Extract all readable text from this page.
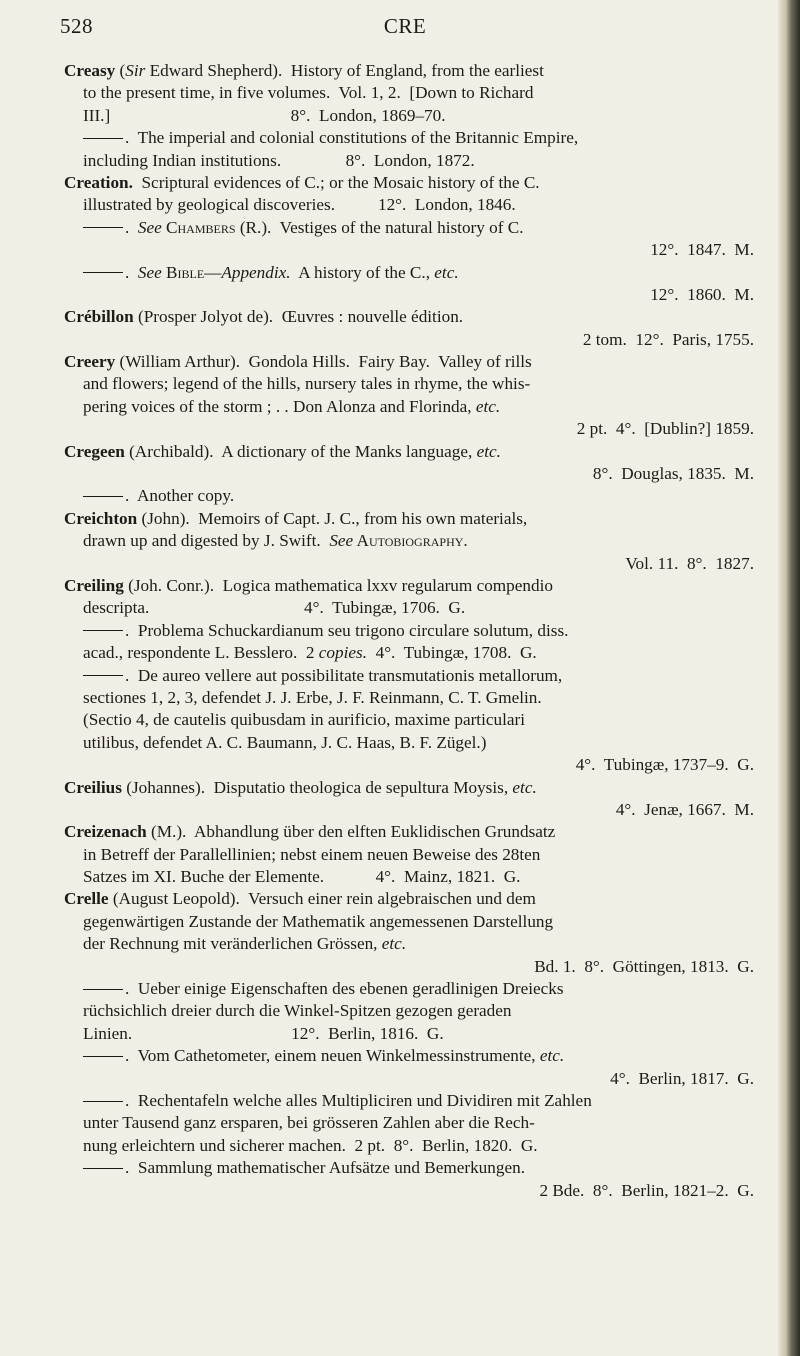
528	CRE
Creasy (Sir Edward Shepherd).  History of England, from the earliest
to the present time, in five volumes.  Vol. 1, 2.  [Down to Richard
III.]                                          8°.  London, 1869–70.
.  The imperial and colonial constitutions of the Britannic Empire,
including Indian institutions.               8°.  London, 1872.
Creation.  Scriptural evidences of C.; or the Mosaic history of the C.
illustrated by geological discoveries.          12°.  London, 1846.
.  See Chambers (R.).  Vestiges of the natural history of C.
12°.  1847.  M.
.  See Bible—Appendix.  A history of the C., etc.
12°.  1860.  M.
Crébillon (Prosper Jolyot de).  Œuvres : nouvelle édition.
2 tom.  12°.  Paris, 1755.
Creery (William Arthur).  Gondola Hills.  Fairy Bay.  Valley of rills
and flowers; legend of the hills, nursery tales in rhyme, the whis-
pering voices of the storm ; . . Don Alonza and Florinda, etc.
2 pt.  4°.  [Dublin?] 1859.
Cregeen (Archibald).  A dictionary of the Manks language, etc.
8°.  Douglas, 1835.  M.
.  Another copy.
Creichton (John).  Memoirs of Capt. J. C., from his own materials,
drawn up and digested by J. Swift.  See Autobiography.
Vol. 11.  8°.  1827.
Creiling (Joh. Conr.).  Logica mathematica lxxv regularum compendio
descripta.                                    4°.  Tubingæ, 1706.  G.
.  Problema Schuckardianum seu trigono circulare solutum, diss.
acad., respondente L. Besslero.  2 copies.  4°.  Tubingæ, 1708.  G.
.  De aureo vellere aut possibilitate transmutationis metallorum,
sectiones 1, 2, 3, defendet J. J. Erbe, J. F. Reinmann, C. T. Gmelin.
(Sectio 4, de cautelis quibusdam in aurificio, maxime particulari
utilibus, defendet A. C. Baumann, J. C. Haas, B. F. Zügel.)
4°.  Tubingæ, 1737–9.  G.
Creilius (Johannes).  Disputatio theologica de sepultura Moysis, etc.
4°.  Jenæ, 1667.  M.
Creizenach (M.).  Abhandlung über den elften Euklidischen Grundsatz
in Betreff der Parallellinien; nebst einem neuen Beweise des 28ten
Satzes im XI. Buche der Elemente.            4°.  Mainz, 1821.  G.
Crelle (August Leopold).  Versuch einer rein algebraischen und dem
gegenwärtigen Zustande der Mathematik angemessenen Darstellung
der Rechnung mit veränderlichen Grössen, etc.
Bd. 1.  8°.  Göttingen, 1813.  G.
.  Ueber einige Eigenschaften des ebenen geradlinigen Dreiecks
rüchsichlich dreier durch die Winkel-Spitzen gezogen geraden
Linien.                                     12°.  Berlin, 1816.  G.
.  Vom Cathetometer, einem neuen Winkelmessinstrumente, etc.
4°.  Berlin, 1817.  G.
.  Rechentafeln welche alles Multipliciren und Dividiren mit Zahlen
unter Tausend ganz ersparen, bei grösseren Zahlen aber die Rech-
nung erleichtern und sicherer machen.  2 pt.  8°.  Berlin, 1820.  G.
.  Sammlung mathematischer Aufsätze und Bemerkungen.
2 Bde.  8°.  Berlin, 1821–2.  G.
